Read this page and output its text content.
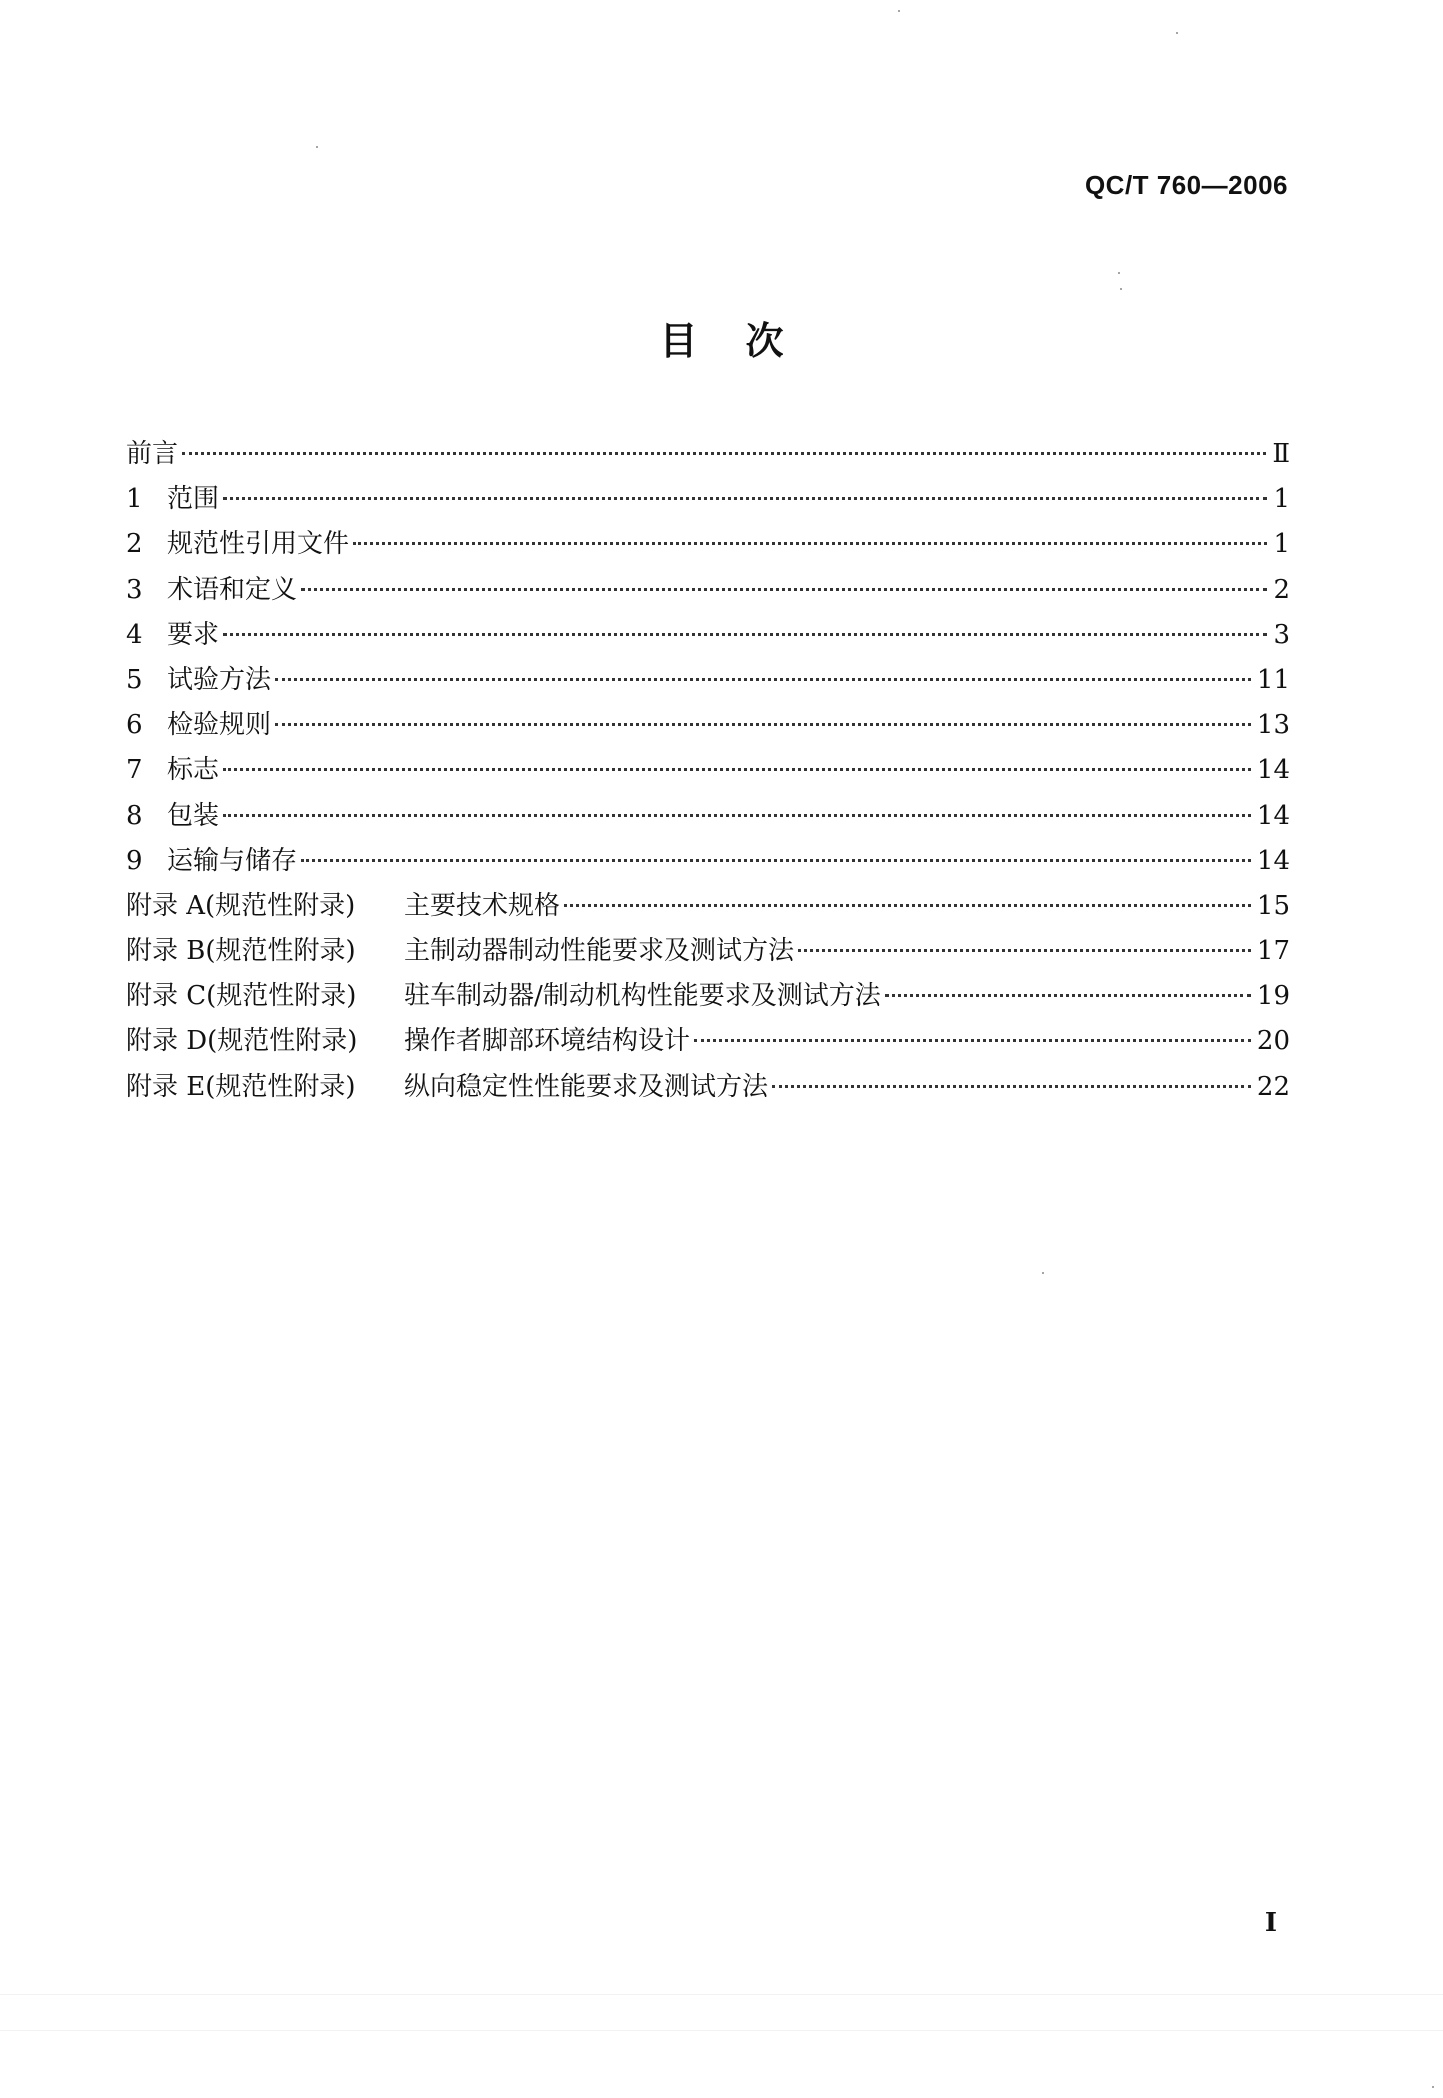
QC/T 760—2006
目次
前言	Ⅱ
1 范围	1
2 规范性引用文件	1
3 术语和定义	2
4 要求	3
5 试验方法	11
6 检验规则	13
7 标志	14
8 包装	14
9 运输与储存	14
附录 A(规范性附录)	主要技术规格	15
附录 B(规范性附录)	主制动器制动性能要求及测试方法	17
附录 C(规范性附录)	驻车制动器/制动机构性能要求及测试方法	19
附录 D(规范性附录)	操作者脚部环境结构设计	20
附录 E(规范性附录)	纵向稳定性性能要求及测试方法	22
I
